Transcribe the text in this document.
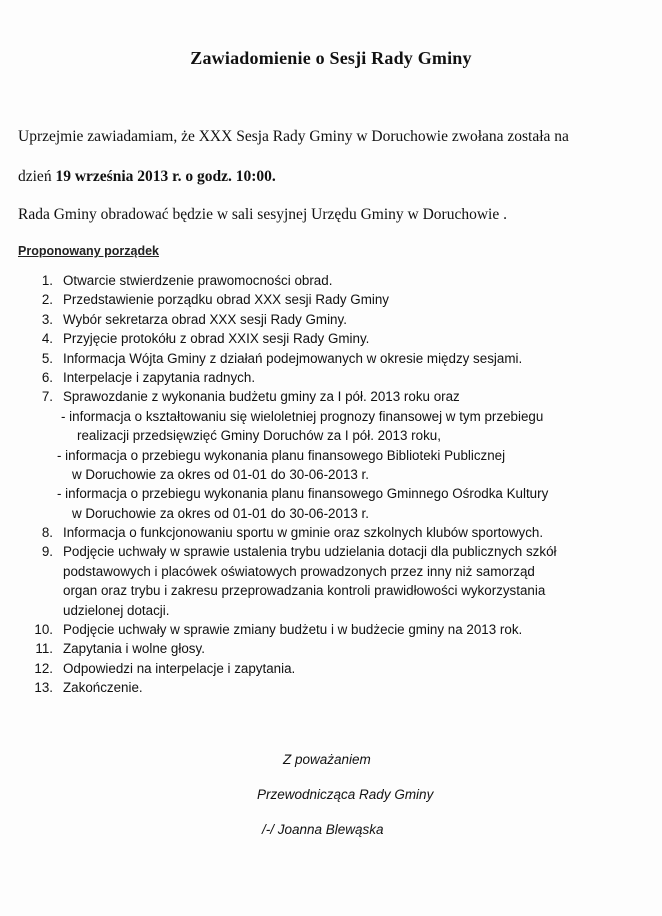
Zawiadomienie o Sesji Rady Gminy
Uprzejmie zawiadamiam, że XXX Sesja Rady Gminy w Doruchowie zwołana została na
dzień 19 września 2013 r. o godz. 10:00.
Rada Gminy obradować będzie w sali sesyjnej Urzędu Gminy w Doruchowie .
Proponowany porządek
1. Otwarcie stwierdzenie prawomocności obrad.
2. Przedstawienie porządku obrad XXX sesji Rady Gminy
3. Wybór sekretarza obrad XXX sesji Rady Gminy.
4. Przyjęcie protokółu z obrad XXIX sesji Rady Gminy.
5. Informacja Wójta Gminy z działań podejmowanych w okresie między sesjami.
6. Interpelacje i zapytania radnych.
7. Sprawozdanie z wykonania budżetu gminy za I pół. 2013 roku oraz
- informacja o kształtowaniu się wieloletniej prognozy finansowej w tym przebiegu
realizacji przedsięwzięć Gminy Doruchów za I pół. 2013 roku,
- informacja o przebiegu wykonania planu finansowego Biblioteki Publicznej
w Doruchowie za okres od 01-01 do 30-06-2013 r.
- informacja o przebiegu wykonania planu finansowego Gminnego Ośrodka Kultury
w Doruchowie za okres od 01-01 do 30-06-2013 r.
8. Informacja o funkcjonowaniu sportu w gminie oraz szkolnych klubów sportowych.
9. Podjęcie uchwały w sprawie ustalenia trybu udzielania dotacji dla publicznych szkół
podstawowych i placówek oświatowych prowadzonych przez inny niż samorząd
organ oraz trybu i zakresu przeprowadzania kontroli prawidłowości wykorzystania
udzielonej dotacji.
10. Podjęcie uchwały w sprawie zmiany budżetu i w budżecie gminy na 2013 rok.
11. Zapytania i wolne głosy.
12. Odpowiedzi na interpelacje i zapytania.
13. Zakończenie.
Z poważaniem
Przewodnicząca Rady Gminy
/-/ Joanna Blewąska
